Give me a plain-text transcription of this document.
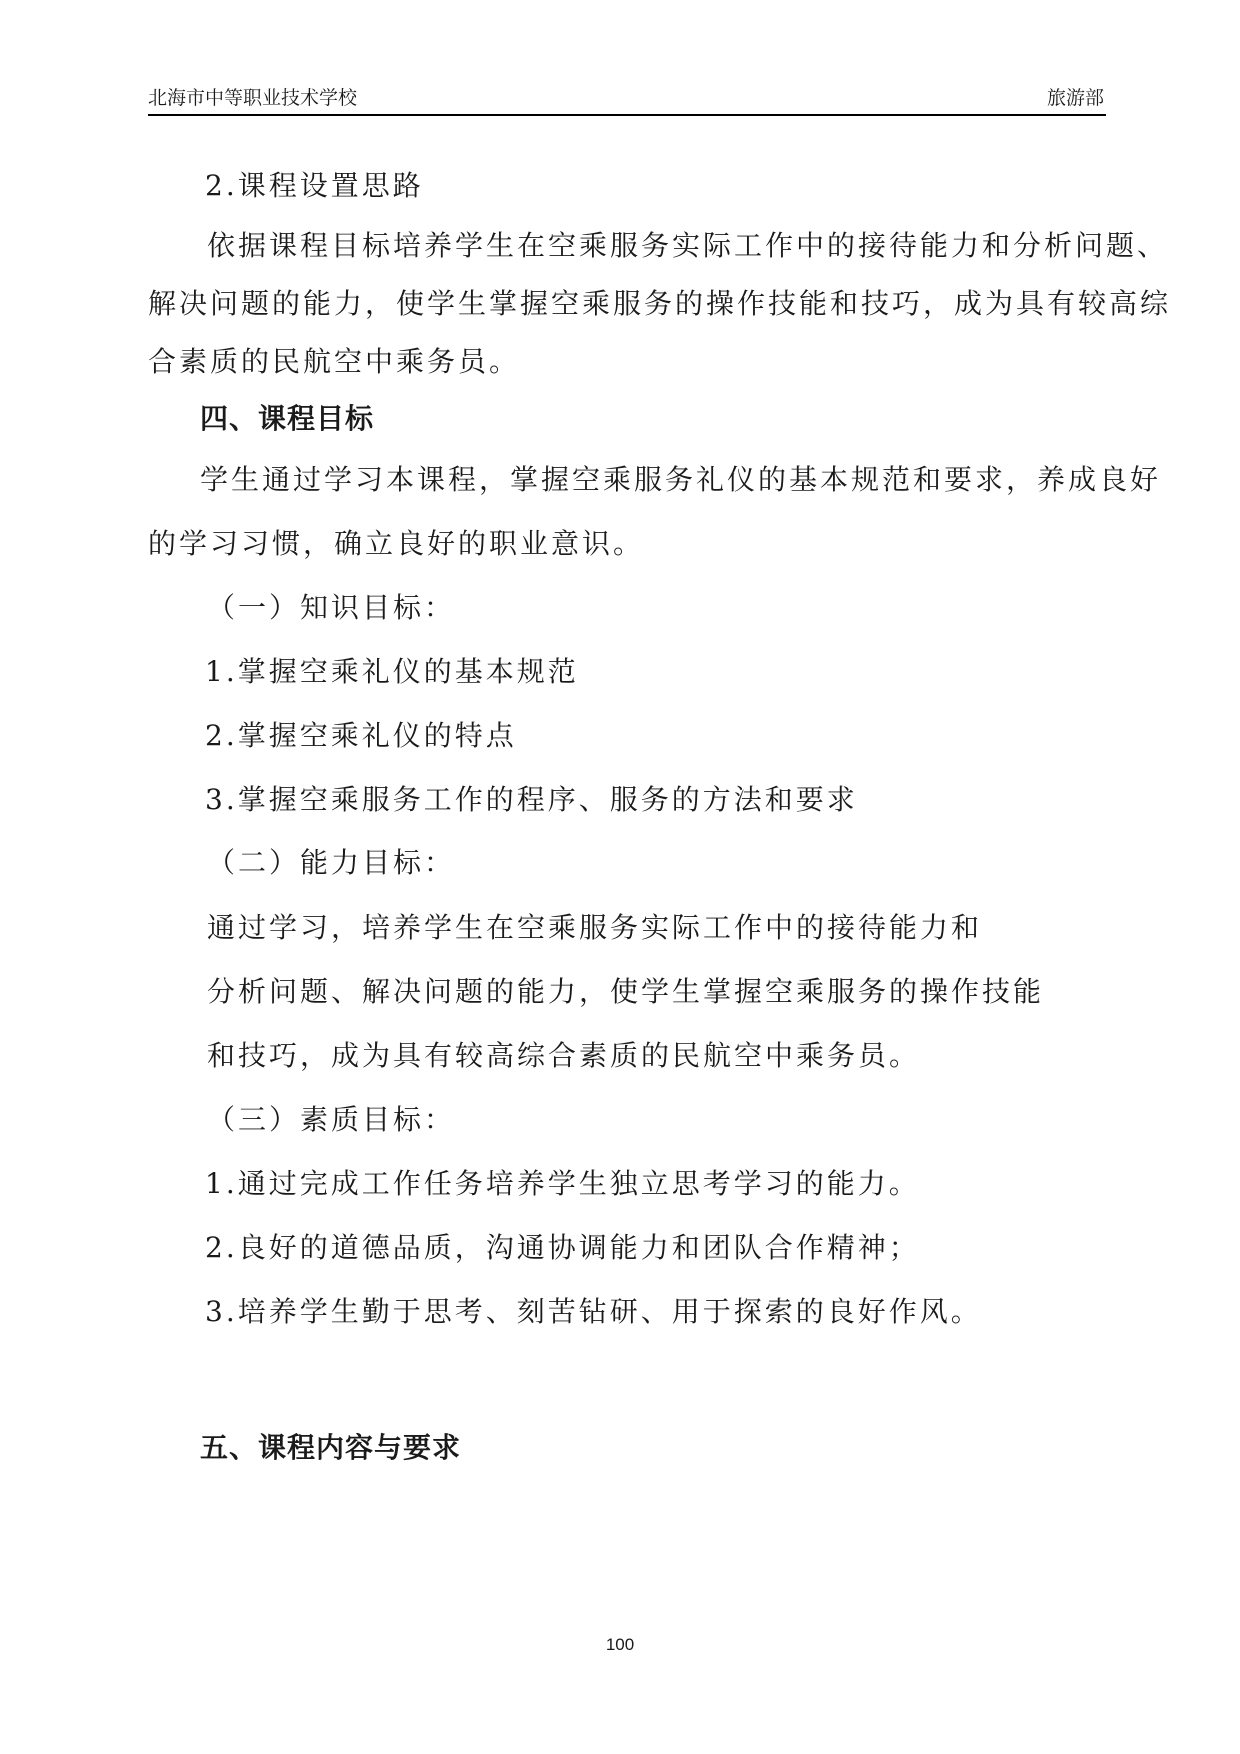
北海市中等职业技术学校	旅游部
2.课程设置思路
依据课程目标培养学生在空乘服务实际工作中的接待能力和分析问题、
解决问题的能力，使学生掌握空乘服务的操作技能和技巧，成为具有较高综
合素质的民航空中乘务员。
四、课程目标
学生通过学习本课程，掌握空乘服务礼仪的基本规范和要求，养成良好
的学习习惯，确立良好的职业意识。
（一）知识目标：
1.掌握空乘礼仪的基本规范
2.掌握空乘礼仪的特点
3.掌握空乘服务工作的程序、服务的方法和要求
（二）能力目标：
通过学习，培养学生在空乘服务实际工作中的接待能力和
分析问题、解决问题的能力，使学生掌握空乘服务的操作技能
和技巧，成为具有较高综合素质的民航空中乘务员。
（三）素质目标：
1.通过完成工作任务培养学生独立思考学习的能力。
2.良好的道德品质，沟通协调能力和团队合作精神；
3.培养学生勤于思考、刻苦钻研、用于探索的良好作风。
五、课程内容与要求
100
